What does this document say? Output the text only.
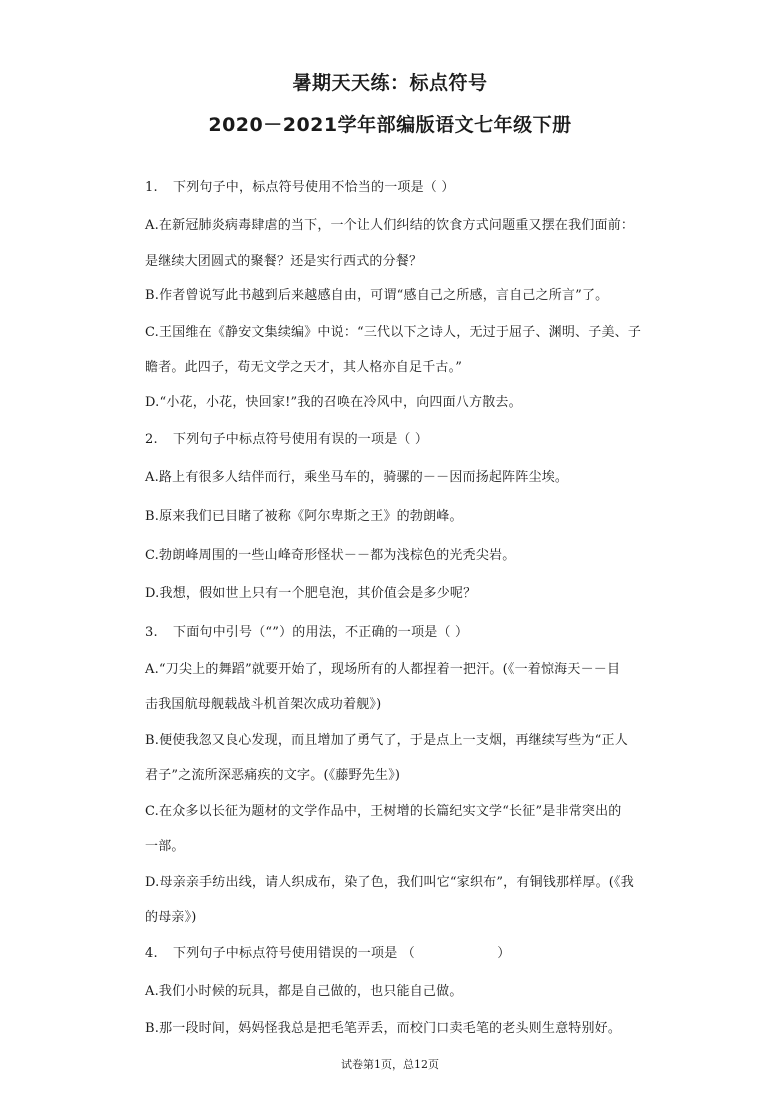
暑期天天练：标点符号
2020－2021学年部编版语文七年级下册
1. 下列句子中，标点符号使用不恰当的一项是（ ）
A.在新冠肺炎病毒肆虐的当下，一个让人们纠结的饮食方式问题重又摆在我们面前：
是继续大团圆式的聚餐？还是实行西式的分餐？
B.作者曾说写此书越到后来越感自由，可谓“感自己之所感，言自己之所言”了。
C.王国维在《静安文集续编》中说：“三代以下之诗人，无过于屈子、渊明、子美、子
瞻者。此四子，苟无文学之天才，其人格亦自足千古。”
D.“小花，小花，快回家!”我的召唤在冷风中，向四面八方散去。
2. 下列句子中标点符号使用有误的一项是（ ）
A.路上有很多人结伴而行，乘坐马车的，骑骡的－－因而扬起阵阵尘埃。
B.原来我们已目睹了被称《阿尔卑斯之王》的勃朗峰。
C.勃朗峰周围的一些山峰奇形怪状－－都为浅棕色的光秃尖岩。
D.我想，假如世上只有一个肥皂泡，其价值会是多少呢？
3. 下面句中引号（“”）的用法，不正确的一项是（ ）
A.“刀尖上的舞蹈”就要开始了，现场所有的人都捏着一把汗。(《一着惊海天－－目
击我国航母舰载战斗机首架次成功着舰》)
B.便使我忽又良心发现，而且增加了勇气了，于是点上一支烟，再继续写些为“正人
君子”之流所深恶痛疾的文字。(《藤野先生》)
C.在众多以长征为题材的文学作品中，王树增的长篇纪实文学“长征”是非常突出的
一部。
D.母亲亲手纺出线，请人织成布，染了色，我们叫它“家织布”，有铜钱那样厚。(《我
的母亲》)
4. 下列句子中标点符号使用错误的一项是 （                   ）
A.我们小时候的玩具，都是自己做的，也只能自己做。
B.那一段时间，妈妈怪我总是把毛笔弄丢，而校门口卖毛笔的老头则生意特别好。
试卷第1页，总12页
